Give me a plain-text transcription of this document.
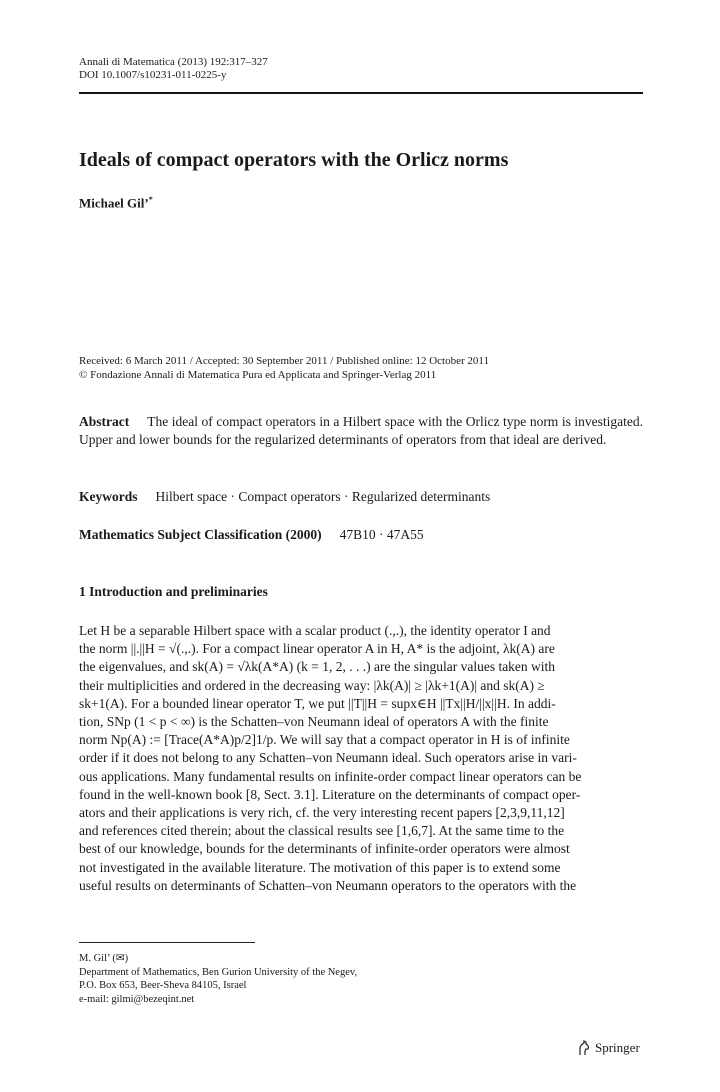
Annali di Matematica (2013) 192:317–327
DOI 10.1007/s10231-011-0225-y
Ideals of compact operators with the Orlicz norms
Michael Gil’*
Received: 6 March 2011 / Accepted: 30 September 2011 / Published online: 12 October 2011
© Fondazione Annali di Matematica Pura ed Applicata and Springer-Verlag 2011
Abstract The ideal of compact operators in a Hilbert space with the Orlicz type norm is investigated. Upper and lower bounds for the regularized determinants of operators from that ideal are derived.
Keywords Hilbert space · Compact operators · Regularized determinants
Mathematics Subject Classification (2000) 47B10 · 47A55
1 Introduction and preliminaries
Let H be a separable Hilbert space with a scalar product (.,.), the identity operator I and
the norm ||.||H = √(.,.). For a compact linear operator A in H, A* is the adjoint, λk(A) are
the eigenvalues, and sk(A) = √λk(A*A) (k = 1, 2, . . .) are the singular values taken with
their multiplicities and ordered in the decreasing way: |λk(A)| ≥ |λk+1(A)| and sk(A) ≥
sk+1(A). For a bounded linear operator T, we put ||T||H = supx∈H ||Tx||H/||x||H. In addi-
tion, SNp (1 < p < ∞) is the Schatten–von Neumann ideal of operators A with the finite
norm Np(A) := [Trace(A*A)p/2]1/p. We will say that a compact operator in H is of infinite
order if it does not belong to any Schatten–von Neumann ideal. Such operators arise in vari-
ous applications. Many fundamental results on infinite-order compact linear operators can be
found in the well-known book [8, Sect. 3.1]. Literature on the determinants of compact oper-
ators and their applications is very rich, cf. the very interesting recent papers [2,3,9,11,12]
and references cited therein; about the classical results see [1,6,7]. At the same time to the
best of our knowledge, bounds for the determinants of infinite-order operators were almost
not investigated in the available literature. The motivation of this paper is to extend some
useful results on determinants of Schatten–von Neumann operators to the operators with the
M. Gil’ (✉)
Department of Mathematics, Ben Gurion University of the Negev,
P.O. Box 653, Beer-Sheva 84105, Israel
e-mail: gilmi@bezeqint.net
Springer
